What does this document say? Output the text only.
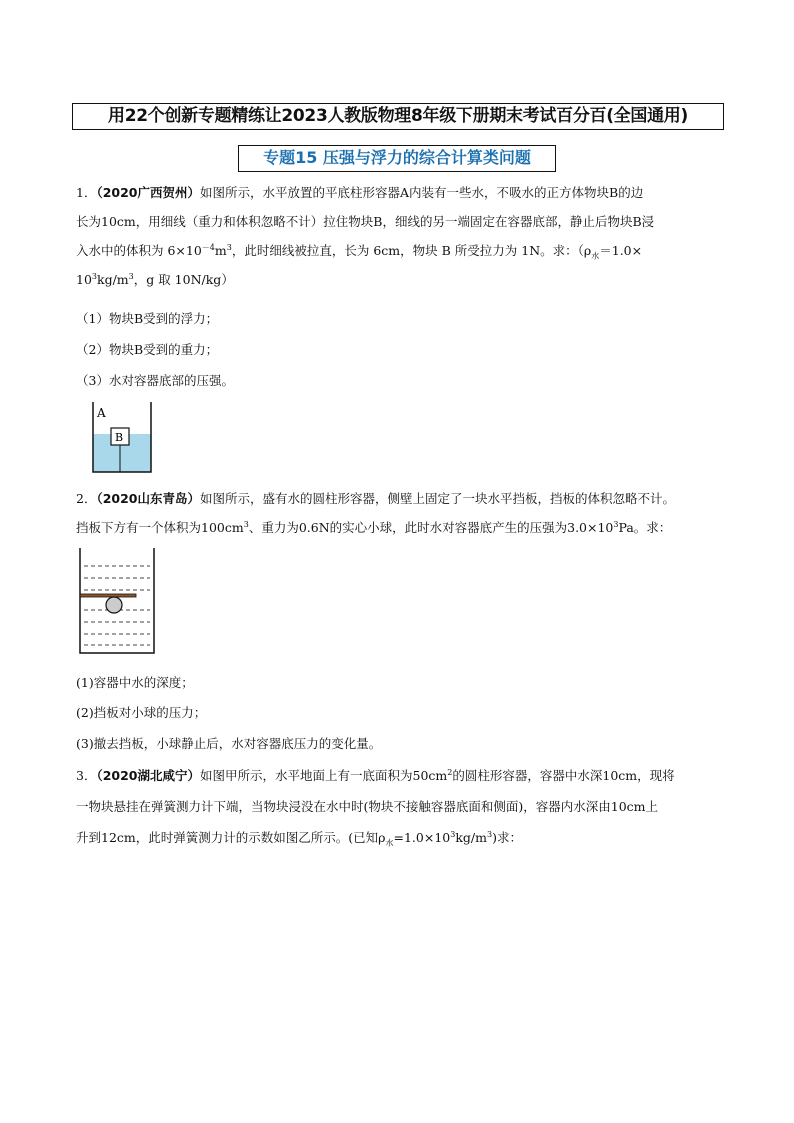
用22个创新专题精练让2023人教版物理8年级下册期末考试百分百(全国通用)
专题15 压强与浮力的综合计算类问题
1．（2020广西贺州）如图所示，水平放置的平底柱形容器A内装有一些水，不吸水的正方体物块B的边
长为10cm，用细线（重力和体积忽略不计）拉住物块B，细线的另一端固定在容器底部，静止后物块B浸
入水中的体积为 $6\times 10^{-4}m^3$，此时细线被拉直，长为 6cm，物块 B 所受拉力为 1N。求：（$\rho_水=1.0\times$
$10^3kg/m^3$，g 取 10N/kg）
（1）物块B受到的浮力；
（2）物块B受到的重力；
（3）水对容器底部的压强。
A
B
2．（2020山东青岛）如图所示，盛有水的圆柱形容器，侧壁上固定了一块水平挡板，挡板的体积忽略不计。
挡板下方有一个体积为$100cm^3$、重力为0.6N的实心小球，此时水对容器底产生的压强为$3.0\times 10^3Pa$。求：
(1)容器中水的深度；
(2)挡板对小球的压力；
(3)撤去挡板，小球静止后，水对容器底压力的变化量。
3．（2020湖北咸宁）如图甲所示，水平地面上有一底面积为$50cm^2$的圆柱形容器，容器中水深10cm，现将
一物块悬挂在弹簧测力计下端，当物块浸没在水中时(物块不接触容器底面和侧面)，容器内水深由10cm上
升到12cm，此时弹簧测力计的示数如图乙所示。(已知$\rho_水=1.0\times 10^3kg/m^3$)求：
